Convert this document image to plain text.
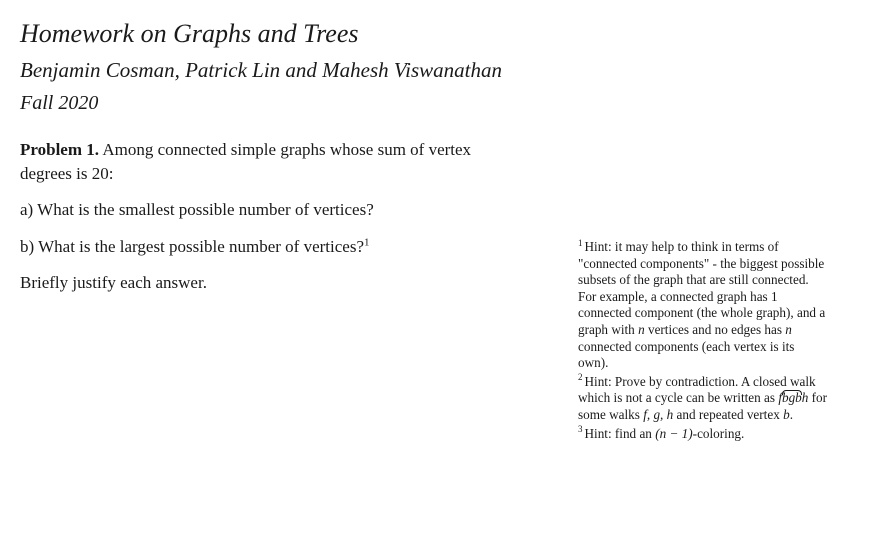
Homework on Graphs and Trees
Benjamin Cosman, Patrick Lin and Mahesh Viswanathan
Fall 2020
Problem 1. Among connected simple graphs whose sum of vertex degrees is 20:
a) What is the smallest possible number of vertices?
b) What is the largest possible number of vertices?$^1$
Briefly justify each answer.
$^1$ Hint: it may help to think in terms of "connected components" - the biggest possible subsets of the graph that are still connected. For example, a connected graph has 1 connected component (the whole graph), and a graph with n vertices and no edges has n connected components (each vertex is its own).
$^2$ Hint: Prove by contradiction. A closed walk which is not a cycle can be written as fbgbh for some walks f, g, h and repeated vertex b.
$^3$ Hint: find an (n − 1)-coloring.
